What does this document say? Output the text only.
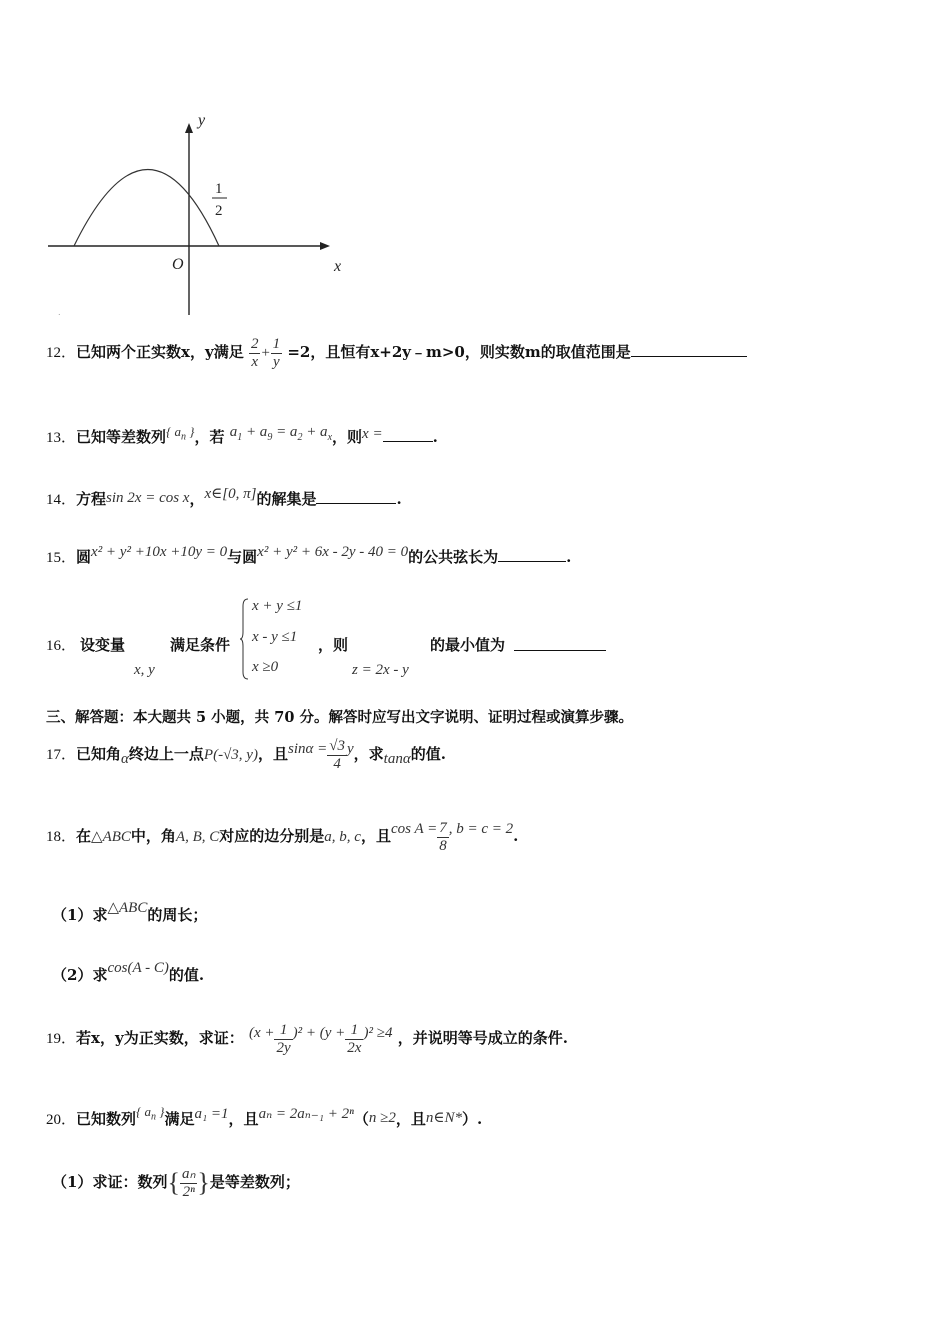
y
x
O
1
2
.
12．已知两个正实数x，y满足 $\frac{2}{x} + \frac{1}{y} =2$，且恒有x+2y﹣m>0，则实数m的取值范围是
13．已知等差数列{ $a_n$ }，若 $a_1 + a_9 = a_2 + a_x$，则x =	.
14．方程sin 2x = cos x，x∈[0, π]的解集是	.
15．圆x² + y² +10x +10y = 0与圆x² + y² + 6x - 2y - 40 = 0的公共弦长为	.
16． 设变量
x, y
满足条件
x + y ≤1
x - y ≤1
x ≥0
，则
z = 2x - y
的最小值为
三、解答题：本大题共 5 小题，共 70 分。解答时应写出文字说明、证明过程或演算步骤。
17．已知角α终边上一点P(-√3, y)，且$\sin\alpha = \frac{√3}{4}$ y，求tanα的值.
18．在△ABC中，角A, B, C对应的边分别是a, b, c，且$\cos A = \frac{7}{8}$ , b = c = 2.
（1）求△ABC的周长；
（2）求cos(A - C)的值.
19．若x，y为正实数，求证： $(x + \frac{1}{2y} )^2 + (y + \frac{1}{2x} )^2 \ge 4$ ，并说明等号成立的条件.
20．已知数列{ $a_n$ }满足a₁ =1，且aₙ = 2aₙ₋₁ + 2ⁿ（n ≥2，且n∈N*）.
（1）求证：数列{ $\frac{\text{aₙ}}{\text{2ⁿ}}$ }是等差数列；
